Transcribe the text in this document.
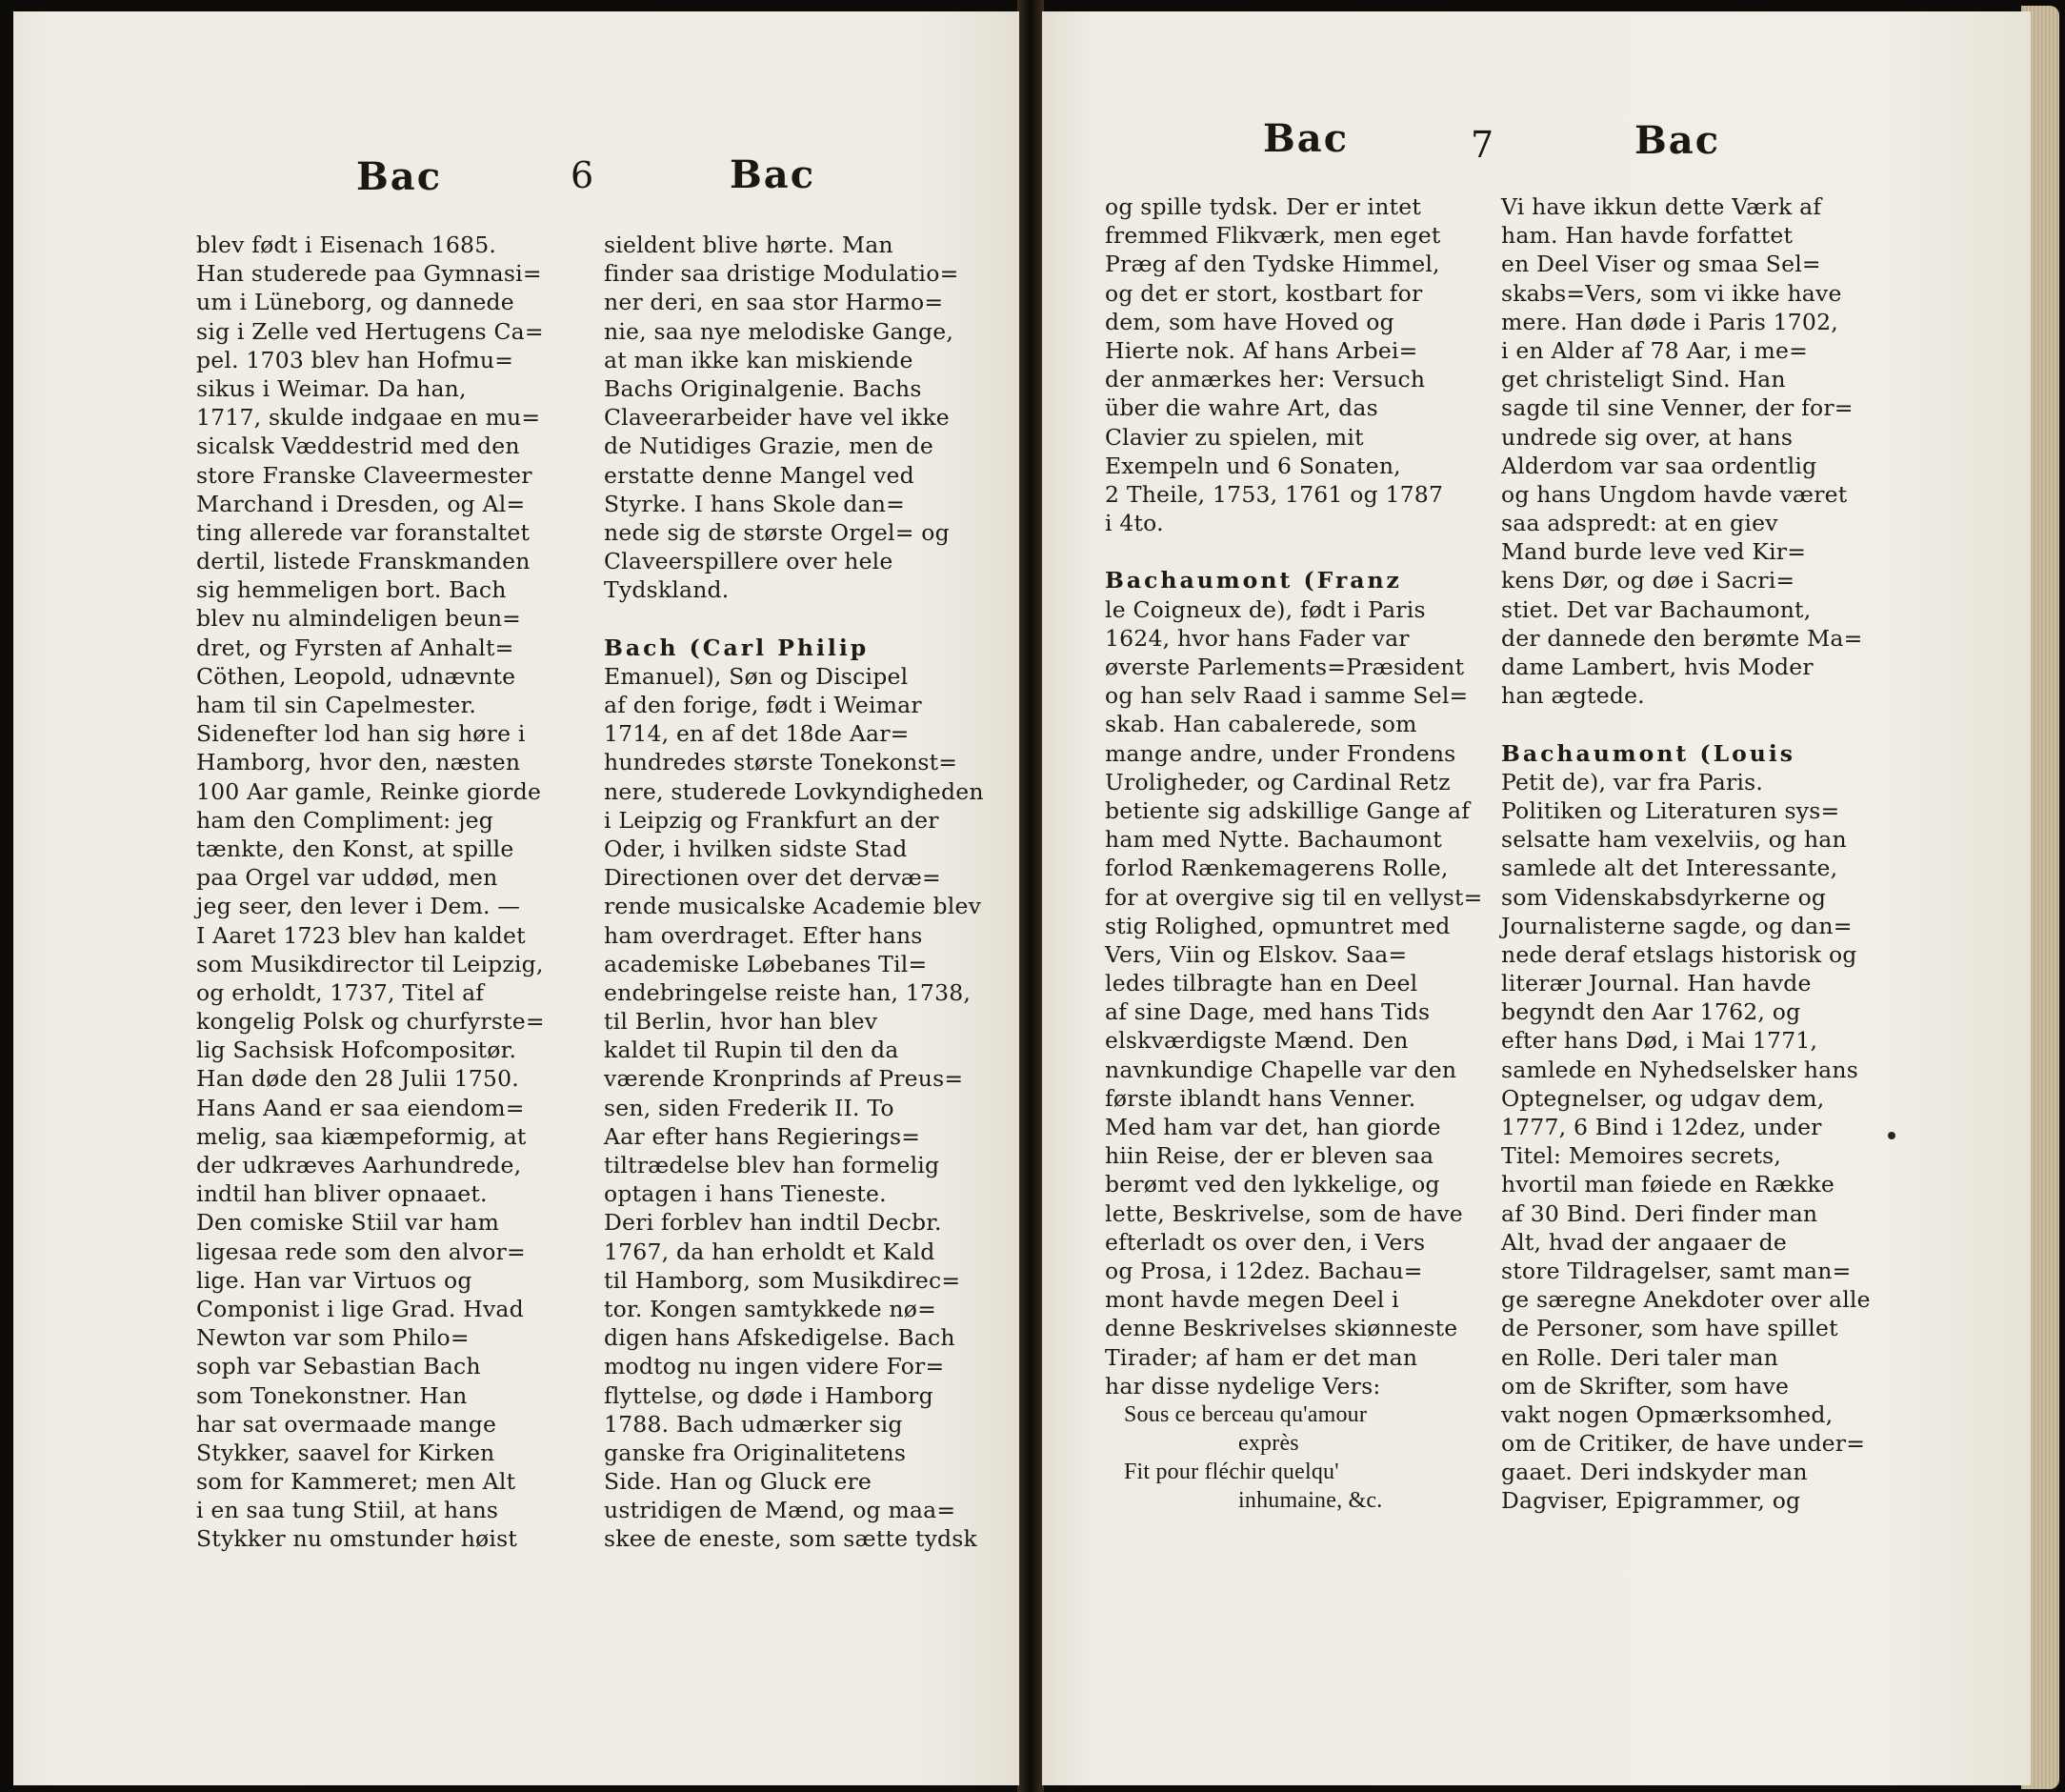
Bac	6	Bac
blev født i Eisenach 1685.
Han studerede paa Gymnasi=
um i Lüneborg, og dannede
sig i Zelle ved Hertugens Ca=
pel. 1703 blev han Hofmu=
sikus i Weimar. Da han,
1717, skulde indgaae en mu=
sicalsk Væddestrid med den
store Franske Claveermester
Marchand i Dresden, og Al=
ting allerede var foranstaltet
dertil, listede Franskmanden
sig hemmeligen bort. Bach
blev nu almindeligen beun=
dret, og Fyrsten af Anhalt=
Cöthen, Leopold, udnævnte
ham til sin Capelmester.
Sidenefter lod han sig høre i
Hamborg, hvor den, næsten
100 Aar gamle, Reinke giorde
ham den Compliment: jeg
tænkte, den Konst, at spille
paa Orgel var uddød, men
jeg seer, den lever i Dem. —
I Aaret 1723 blev han kaldet
som Musikdirector til Leipzig,
og erholdt, 1737, Titel af
kongelig Polsk og churfyrste=
lig Sachsisk Hofcompositør.
Han døde den 28 Julii 1750.
Hans Aand er saa eiendom=
melig, saa kiæmpeformig, at
der udkræves Aarhundrede,
indtil han bliver opnaaet.
Den comiske Stiil var ham
ligesaa rede som den alvor=
lige. Han var Virtuos og
Componist i lige Grad. Hvad
Newton var som Philo=
soph var Sebastian Bach
som Tonekonstner. Han
har sat overmaade mange
Stykker, saavel for Kirken
som for Kammeret; men Alt
i en saa tung Stiil, at hans
Stykker nu omstunder høist
sieldent blive hørte. Man
finder saa dristige Modulatio=
ner deri, en saa stor Harmo=
nie, saa nye melodiske Gange,
at man ikke kan miskiende
Bachs Originalgenie. Bachs
Claveerarbeider have vel ikke
de Nutidiges Grazie, men de
erstatte denne Mangel ved
Styrke. I hans Skole dan=
nede sig de største Orgel= og
Claveerspillere over hele
Tydskland.
Bach (Carl Philip
Emanuel), Søn og Discipel
af den forige, født i Weimar
1714, en af det 18de Aar=
hundredes største Tonekonst=
nere, studerede Lovkyndigheden
i Leipzig og Frankfurt an der
Oder, i hvilken sidste Stad
Directionen over det dervæ=
rende musicalske Academie blev
ham overdraget. Efter hans
academiske Løbebanes Til=
endebringelse reiste han, 1738,
til Berlin, hvor han blev
kaldet til Rupin til den da
værende Kronprinds af Preus=
sen, siden Frederik II. To
Aar efter hans Regierings=
tiltrædelse blev han formelig
optagen i hans Tieneste.
Deri forblev han indtil Decbr.
1767, da han erholdt et Kald
til Hamborg, som Musikdirec=
tor. Kongen samtykkede nø=
digen hans Afskedigelse. Bach
modtog nu ingen videre For=
flyttelse, og døde i Hamborg
1788. Bach udmærker sig
ganske fra Originalitetens
Side. Han og Gluck ere
ustridigen de Mænd, og maa=
skee de eneste, som sætte tydsk
Bac	7	Bac
og spille tydsk. Der er intet
fremmed Flikværk, men eget
Præg af den Tydske Himmel,
og det er stort, kostbart for
dem, som have Hoved og
Hierte nok. Af hans Arbei=
der anmærkes her: Versuch
über die wahre Art, das
Clavier zu spielen, mit
Exempeln und 6 Sonaten,
2 Theile, 1753, 1761 og 1787
i 4to.
Bachaumont (Franz
le Coigneux de), født i Paris
1624, hvor hans Fader var
øverste Parlements=Præsident
og han selv Raad i samme Sel=
skab. Han cabalerede, som
mange andre, under Frondens
Uroligheder, og Cardinal Retz
betiente sig adskillige Gange af
ham med Nytte. Bachaumont
forlod Rænkemagerens Rolle,
for at overgive sig til en vellyst=
stig Rolighed, opmuntret med
Vers, Viin og Elskov. Saa=
ledes tilbragte han en Deel
af sine Dage, med hans Tids
elskværdigste Mænd. Den
navnkundige Chapelle var den
første iblandt hans Venner.
Med ham var det, han giorde
hiin Reise, der er bleven saa
berømt ved den lykkelige, og
lette, Beskrivelse, som de have
efterladt os over den, i Vers
og Prosa, i 12dez. Bachau=
mont havde megen Deel i
denne Beskrivelses skiønneste
Tirader; af ham er det man
har disse nydelige Vers:
Sous ce berceau qu'amour
exprès
Fit pour fléchir quelqu'
inhumaine, &c.
Vi have ikkun dette Værk af
ham. Han havde forfattet
en Deel Viser og smaa Sel=
skabs=Vers, som vi ikke have
mere. Han døde i Paris 1702,
i en Alder af 78 Aar, i me=
get christeligt Sind. Han
sagde til sine Venner, der for=
undrede sig over, at hans
Alderdom var saa ordentlig
og hans Ungdom havde været
saa adspredt: at en giev
Mand burde leve ved Kir=
kens Dør, og døe i Sacri=
stiet. Det var Bachaumont,
der dannede den berømte Ma=
dame Lambert, hvis Moder
han ægtede.
Bachaumont (Louis
Petit de), var fra Paris.
Politiken og Literaturen sys=
selsatte ham vexelviis, og han
samlede alt det Interessante,
som Videnskabsdyrkerne og
Journalisterne sagde, og dan=
nede deraf etslags historisk og
literær Journal. Han havde
begyndt den Aar 1762, og
efter hans Død, i Mai 1771,
samlede en Nyhedselsker hans
Optegnelser, og udgav dem,
1777, 6 Bind i 12dez, under
Titel: Memoires secrets,
hvortil man føiede en Række
af 30 Bind. Deri finder man
Alt, hvad der angaaer de
store Tildragelser, samt man=
ge særegne Anekdoter over alle
de Personer, som have spillet
en Rolle. Deri taler man
om de Skrifter, som have
vakt nogen Opmærksomhed,
om de Critiker, de have under=
gaaet. Deri indskyder man
Dagviser, Epigrammer, og
